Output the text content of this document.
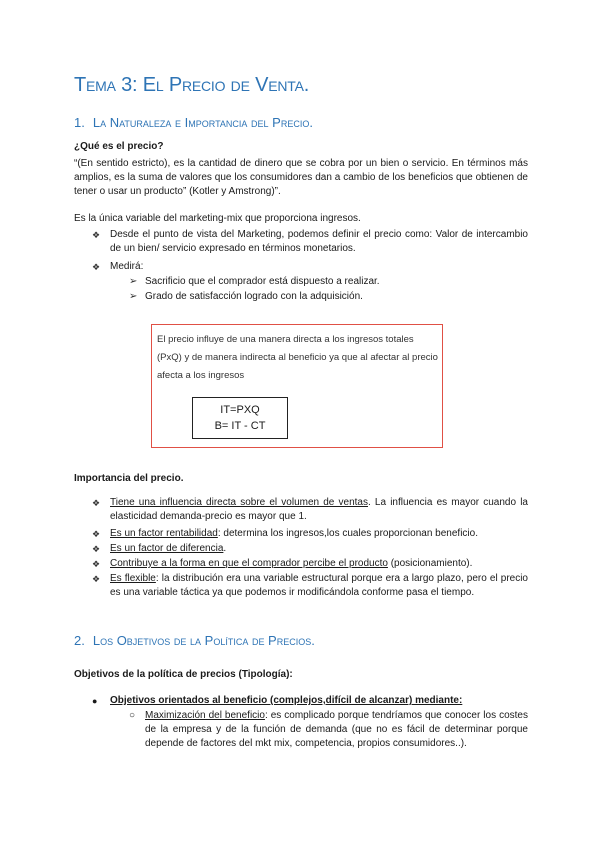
Tema 3: El Precio de Venta.
1. La Naturaleza e Importancia del Precio.

¿Qué es el precio?

“(En sentido estricto), es la cantidad de dinero que se cobra por un bien o servicio. En términos más amplios, es la suma de valores que los consumidores dan a cambio de los beneficios que obtienen de tener o usar un producto” (Kotler y Amstrong)”.

Es la única variable del marketing-mix que proporciona ingresos.

❖ Desde el punto de vista del Marketing, podemos definir el precio como: Valor de intercambio de un bien/ servicio expresado en términos monetarios.
❖ Medirá:
➢ Sacrificio que el comprador está dispuesto a realizar.
➢ Grado de satisfacción logrado con la adquisición.
El precio influye de una manera directa a los ingresos totales (PxQ) y de manera indirecta al beneficio ya que al afectar al precio afecta a los ingresos
IT=PXQ
B= IT - CT

Importancia del precio.

❖ Tiene una influencia directa sobre el volumen de ventas. La influencia es mayor cuando la elasticidad demanda-precio es mayor que 1.
❖ Es un factor rentabilidad: determina los ingresos,los cuales proporcionan beneficio.
❖ Es un factor de diferencia.
❖ Contribuye a la forma en que el comprador percibe el producto (posicionamiento).
❖ Es flexible: la distribución era una variable estructural porque era a largo plazo, pero el precio es una variable táctica ya que podemos ir modificándola conforme pasa el tiempo.
2. Los Objetivos de la Política de Precios.

Objetivos de la política de precios (Tipología):

● Objetivos orientados al beneficio (complejos,difícil de alcanzar) mediante:
○ Maximización del beneficio: es complicado porque tendríamos que conocer los costes de la empresa y de la función de demanda (que no es fácil de determinar porque depende de factores del mkt mix, competencia, propios consumidores..).
